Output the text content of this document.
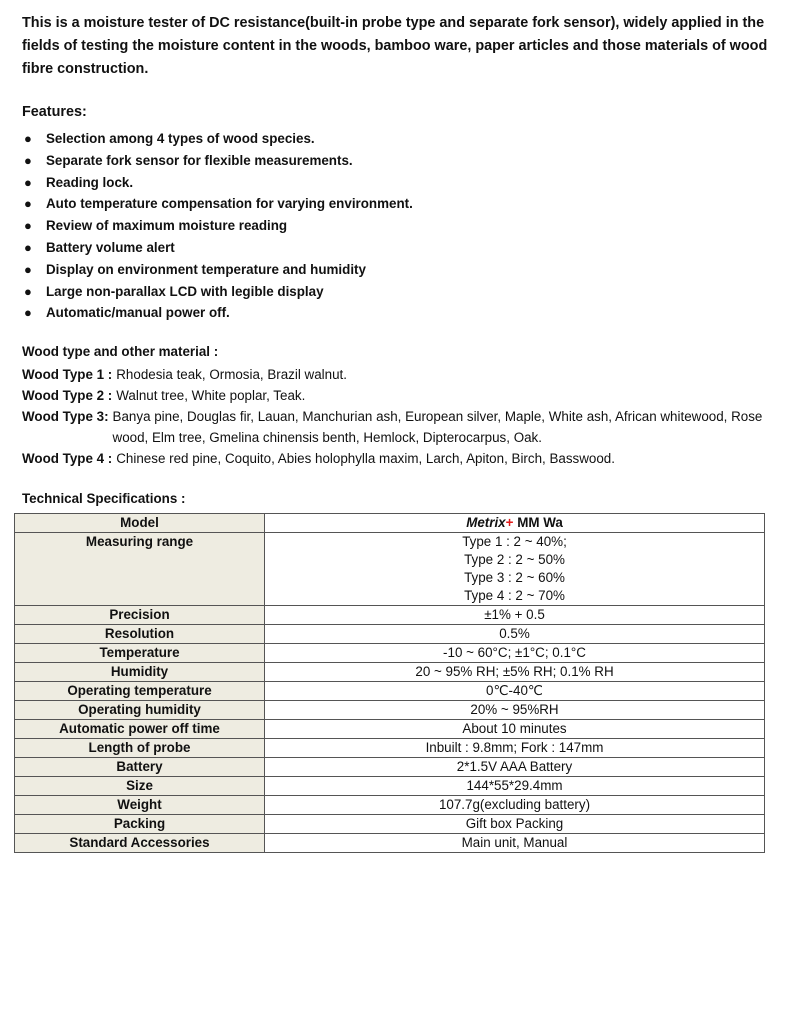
This is a moisture tester of DC resistance(built-in probe type and separate fork sensor), widely applied in the fields of testing the moisture content in the woods, bamboo ware, paper articles and those materials of wood fibre construction.
Features:
● Selection among 4 types of wood species.
● Separate fork sensor for flexible measurements.
● Reading lock.
● Auto temperature compensation for varying environment.
● Review of maximum moisture reading
● Battery volume alert
● Display on environment temperature and humidity
● Large non-parallax LCD with legible display
● Automatic/manual power off.
Wood type and other material :
Wood Type 1 : Rhodesia teak, Ormosia, Brazil walnut.
Wood Type 2 : Walnut tree, White poplar, Teak.
Wood Type 3: Banya pine, Douglas fir, Lauan, Manchurian ash, European silver, Maple, White ash, African whitewood, Rose wood, Elm tree, Gmelina chinensis benth, Hemlock, Dipterocarpus, Oak.
Wood Type 4 : Chinese red pine, Coquito, Abies holophylla maxim, Larch, Apiton, Birch, Basswood.
Technical Specifications :
Model	Metrix+ MM Wa
Measuring range	Type 1 : 2 ~ 40%;
Type 2 : 2 ~ 50%
Type 3 : 2 ~ 60%
Type 4 : 2 ~ 70%

Precision	±1% + 0.5
Resolution	0.5%
Temperature	-10 ~ 60°C; ±1°C; 0.1°C
Humidity	20 ~ 95% RH; ±5% RH; 0.1% RH
Operating temperature	0℃-40℃
Operating humidity	20% ~ 95%RH
Automatic power off time	About 10 minutes
Length of probe	Inbuilt : 9.8mm; Fork : 147mm
Battery	2*1.5V AAA Battery
Size	144*55*29.4mm
Weight	107.7g(excluding battery)
Packing	Gift box Packing
Standard Accessories	Main unit, Manual
